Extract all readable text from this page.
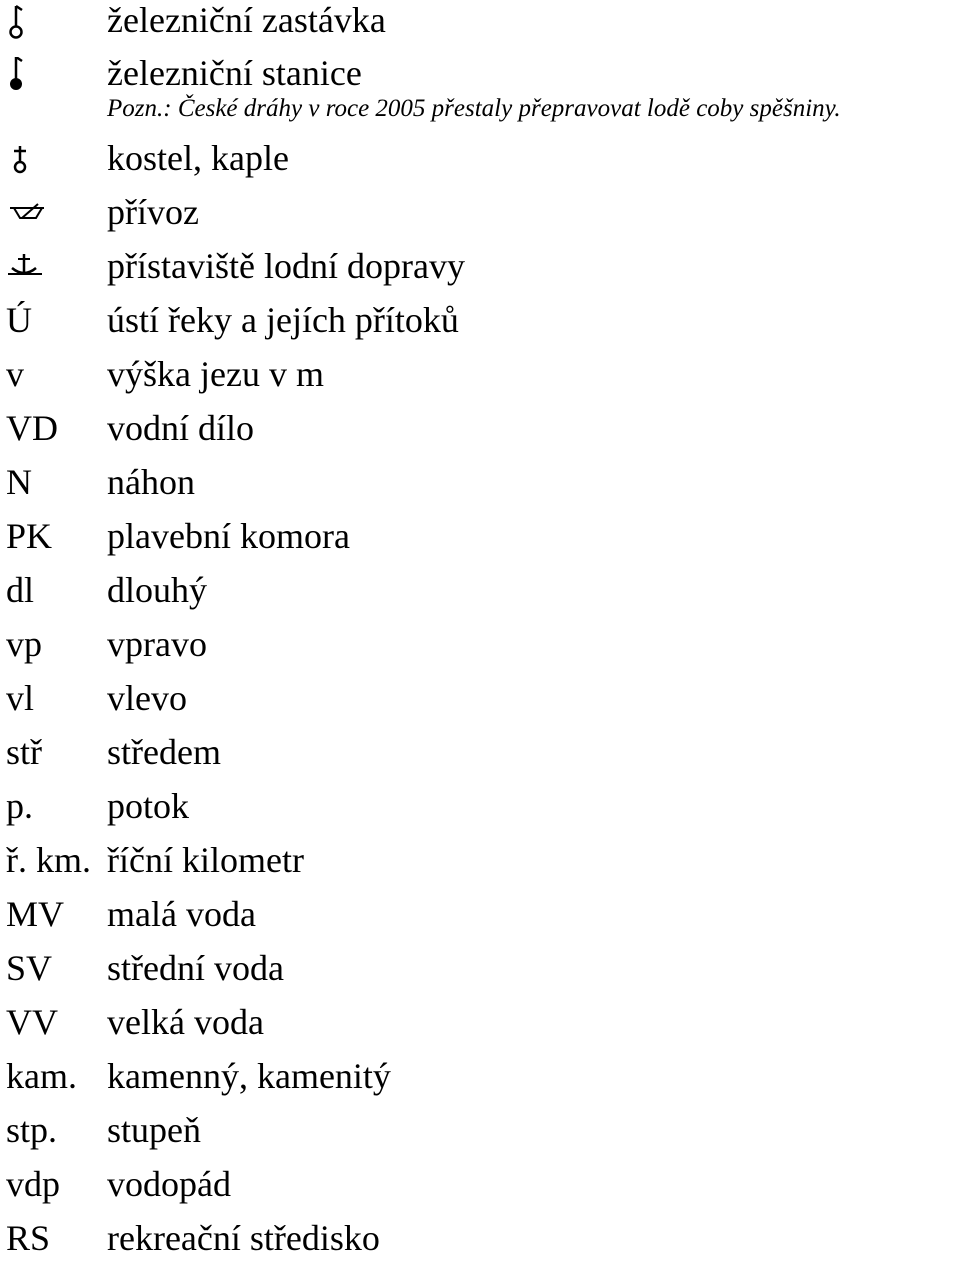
železniční zastávka
železniční stanice
Pozn.: České dráhy v roce 2005 přestaly přepravovat lodě coby spěšniny.
kostel, kaple
přívoz
přístaviště lodní dopravy
Ú ústí řeky a jejích přítoků
v výška jezu v m
VD vodní dílo
N náhon
PK plavební komora
dl dlouhý
vp vpravo
vl vlevo
stř středem
p. potok
ř. km. říční kilometr
MV malá voda
SV střední voda
VV velká voda
kam. kamenný, kamenitý
stp. stupeň
vdp vodopád
RS rekreační středisko
